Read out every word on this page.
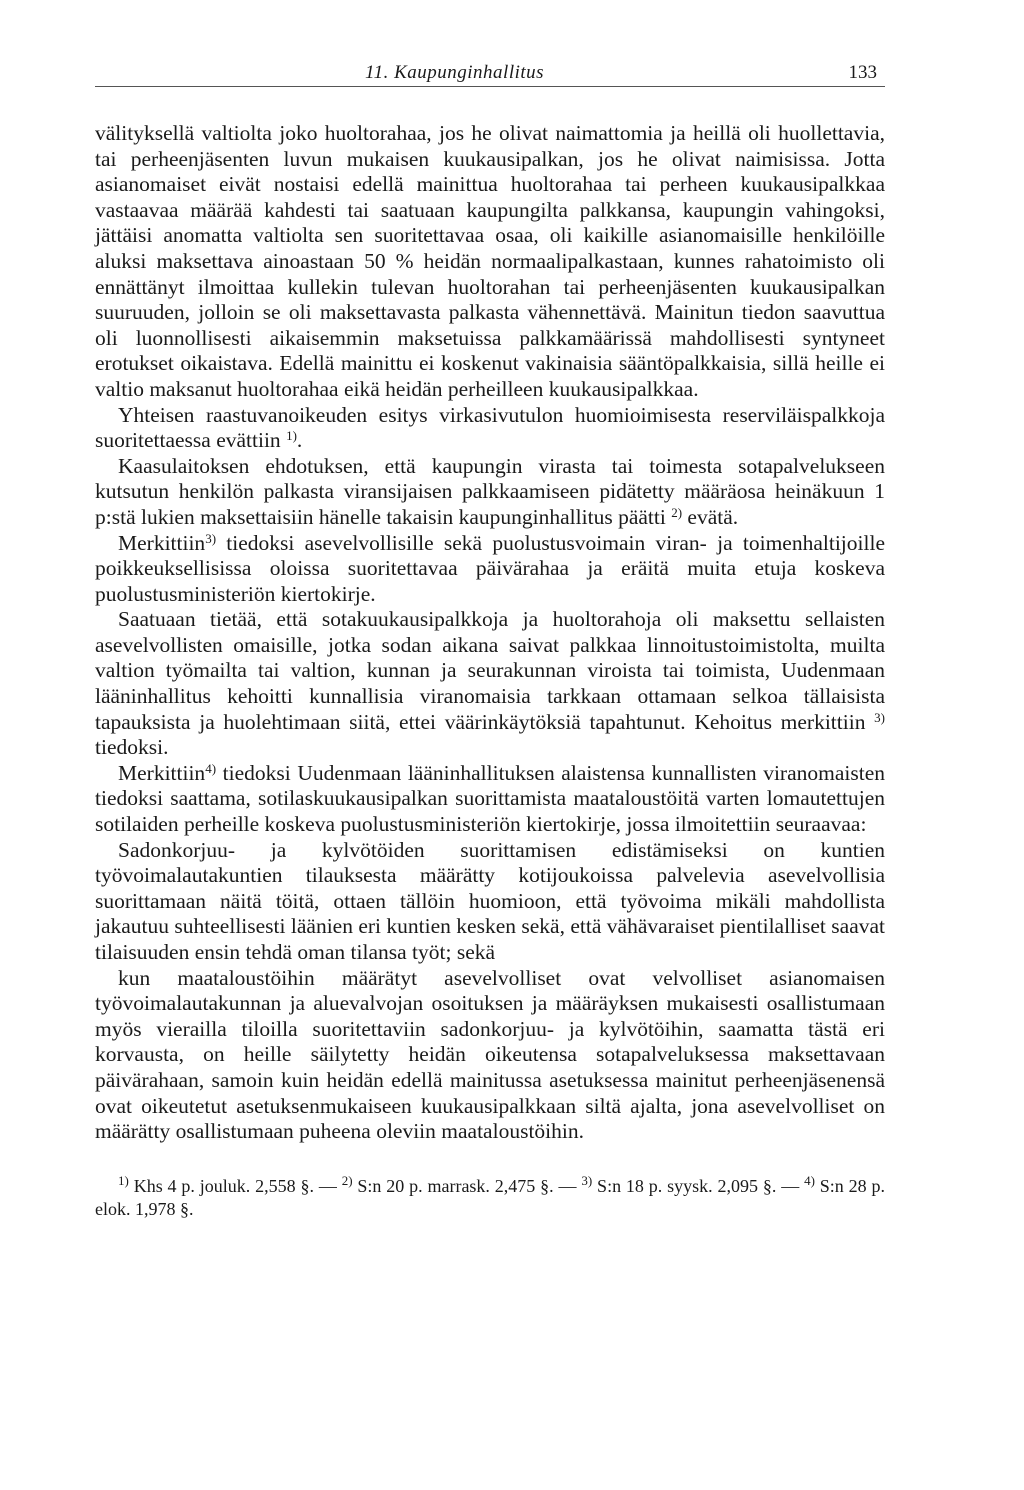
11. Kaupunginhallitus	133

välityksellä valtiolta joko huoltorahaa, jos he olivat naimattomia ja heillä oli huollettavia, tai perheenjäsenten luvun mukaisen kuukausipalkan, jos he olivat naimisissa. Jotta asianomaiset eivät nostaisi edellä mainittua huoltorahaa tai perheen kuukausipalkkaa vastaavaa määrää kahdesti tai saatuaan kaupungilta palkkansa, kaupungin vahingoksi, jättäisi anomatta valtiolta sen suoritettavaa osaa, oli kaikille asianomaisille henkilöille aluksi maksettava ainoastaan 50 % heidän normaalipalkastaan, kunnes rahatoimisto oli ennättänyt ilmoittaa kullekin tulevan huoltorahan tai perheenjäsenten kuukausipalkan suuruuden, jolloin se oli maksettavasta palkasta vähennettävä. Mainitun tiedon saavuttua oli luonnollisesti aikaisemmin maksetuissa palkkamäärissä mahdollisesti syntyneet erotukset oikaistava. Edellä mainittu ei koskenut vakinaisia sääntöpalkkaisia, sillä heille ei valtio maksanut huoltorahaa eikä heidän perheilleen kuukausipalkkaa.

Yhteisen raastuvanoikeuden esitys virkasivutulon huomioimisesta reserviläispalkkoja suoritettaessa evättiin $^{1)}$.

Kaasulaitoksen ehdotuksen, että kaupungin virasta tai toimesta sotapalvelukseen kutsutun henkilön palkasta viransijaisen palkkaamiseen pidätetty määräosa heinäkuun 1 p:stä lukien maksettaisiin hänelle takaisin kaupunginhallitus päätti $^{2)}$ evätä.

Merkittiin$^{3)}$ tiedoksi asevelvollisille sekä puolustusvoimain viran- ja toimenhaltijoille poikkeuksellisissa oloissa suoritettavaa päivärahaa ja eräitä muita etuja koskeva puolustusministeriön kiertokirje.

Saatuaan tietää, että sotakuukausipalkkoja ja huoltorahoja oli maksettu sellaisten asevelvollisten omaisille, jotka sodan aikana saivat palkkaa linnoitustoimistolta, muilta valtion työmailta tai valtion, kunnan ja seurakunnan viroista tai toimista, Uudenmaan lääninhallitus kehoitti kunnallisia viranomaisia tarkkaan ottamaan selkoa tällaisista tapauksista ja huolehtimaan siitä, ettei väärinkäytöksiä tapahtunut. Kehoitus merkittiin $^{3)}$ tiedoksi.

Merkittiin$^{4)}$ tiedoksi Uudenmaan lääninhallituksen alaistensa kunnallisten viranomaisten tiedoksi saattama, sotilaskuukausipalkan suorittamista maataloustöitä varten lomautettujen sotilaiden perheille koskeva puolustusministeriön kiertokirje, jossa ilmoitettiin seuraavaa:

Sadonkorjuu- ja kylvötöiden suorittamisen edistämiseksi on kuntien työvoimalautakuntien tilauksesta määrätty kotijoukoissa palvelevia asevelvollisia suorittamaan näitä töitä, ottaen tällöin huomioon, että työvoima mikäli mahdollista jakautuu suhteellisesti läänien eri kuntien kesken sekä, että vähävaraiset pientilalliset saavat tilaisuuden ensin tehdä oman tilansa työt; sekä

kun maataloustöihin määrätyt asevelvolliset ovat velvolliset asianomaisen työvoimalautakunnan ja aluevalvojan osoituksen ja määräyksen mukaisesti osallistumaan myös vierailla tiloilla suoritettaviin sadonkorjuu- ja kylvötöihin, saamatta tästä eri korvausta, on heille säilytetty heidän oikeutensa sotapalveluksessa maksettavaan päivärahaan, samoin kuin heidän edellä mainitussa asetuksessa mainitut perheenjäsenensä ovat oikeutetut asetuksenmukaiseen kuukausipalkkaan siltä ajalta, jona asevelvolliset on määrätty osallistumaan puheena oleviin maataloustöihin.

$^{1)}$ Khs 4 p. jouluk. 2,558 §. — $^{2)}$ S:n 20 p. marrask. 2,475 §. — $^{3)}$ S:n 18 p. syysk. 2,095 §. — $^{4)}$ S:n 28 p. elok. 1,978 §.
